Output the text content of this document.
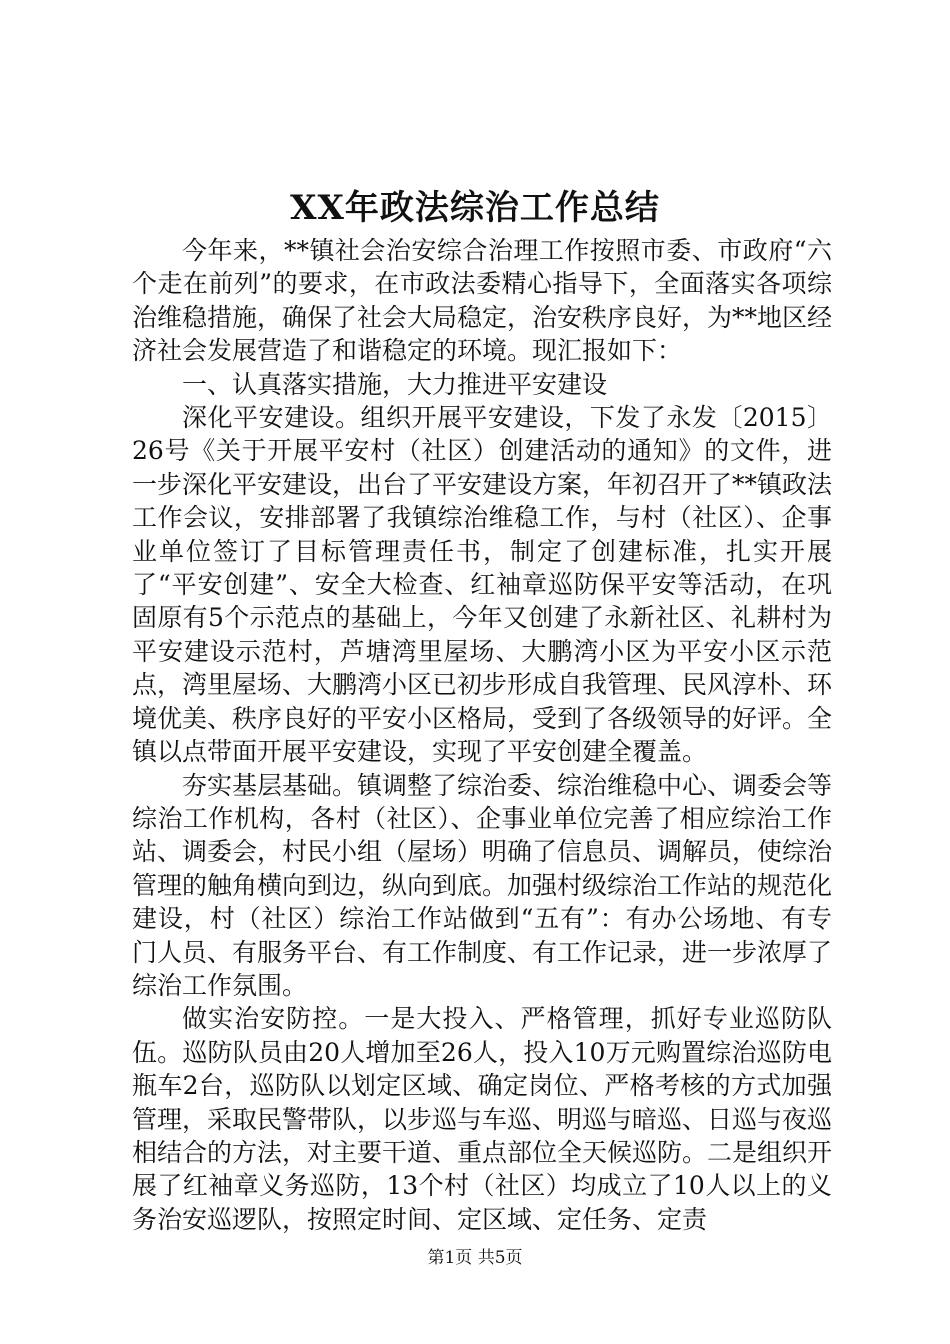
XX年政法综治工作总结

今年来，**镇社会治安综合治理工作按照市委、市政府“六个走在前列”的要求，在市政法委精心指导下，全面落实各项综治维稳措施，确保了社会大局稳定，治安秩序良好，为**地区经济社会发展营造了和谐稳定的环境。现汇报如下：

一、认真落实措施，大力推进平安建设

深化平安建设。组织开展平安建设，下发了永发〔2015〕26号《关于开展平安村（社区）创建活动的通知》的文件，进一步深化平安建设，出台了平安建设方案，年初召开了**镇政法工作会议，安排部署了我镇综治维稳工作，与村（社区）、企事业单位签订了目标管理责任书，制定了创建标准，扎实开展了“平安创建”、安全大检查、红袖章巡防保平安等活动，在巩固原有5个示范点的基础上，今年又创建了永新社区、礼耕村为平安建设示范村，芦塘湾里屋场、大鹏湾小区为平安小区示范点，湾里屋场、大鹏湾小区已初步形成自我管理、民风淳朴、环境优美、秩序良好的平安小区格局，受到了各级领导的好评。全镇以点带面开展平安建设，实现了平安创建全覆盖。

夯实基层基础。镇调整了综治委、综治维稳中心、调委会等综治工作机构，各村（社区）、企事业单位完善了相应综治工作站、调委会，村民小组（屋场）明确了信息员、调解员，使综治管理的触角横向到边，纵向到底。加强村级综治工作站的规范化建设，村（社区）综治工作站做到“五有”：有办公场地、有专门人员、有服务平台、有工作制度、有工作记录，进一步浓厚了综治工作氛围。

做实治安防控。一是大投入、严格管理，抓好专业巡防队伍。巡防队员由20人增加至26人，投入10万元购置综治巡防电瓶车2台，巡防队以划定区域、确定岗位、严格考核的方式加强管理，采取民警带队，以步巡与车巡、明巡与暗巡、日巡与夜巡相结合的方法，对主要干道、重点部位全天候巡防。二是组织开展了红袖章义务巡防，13个村（社区）均成立了10人以上的义务治安巡逻队，按照定时间、定区域、定任务、定责

第1页 共5页
